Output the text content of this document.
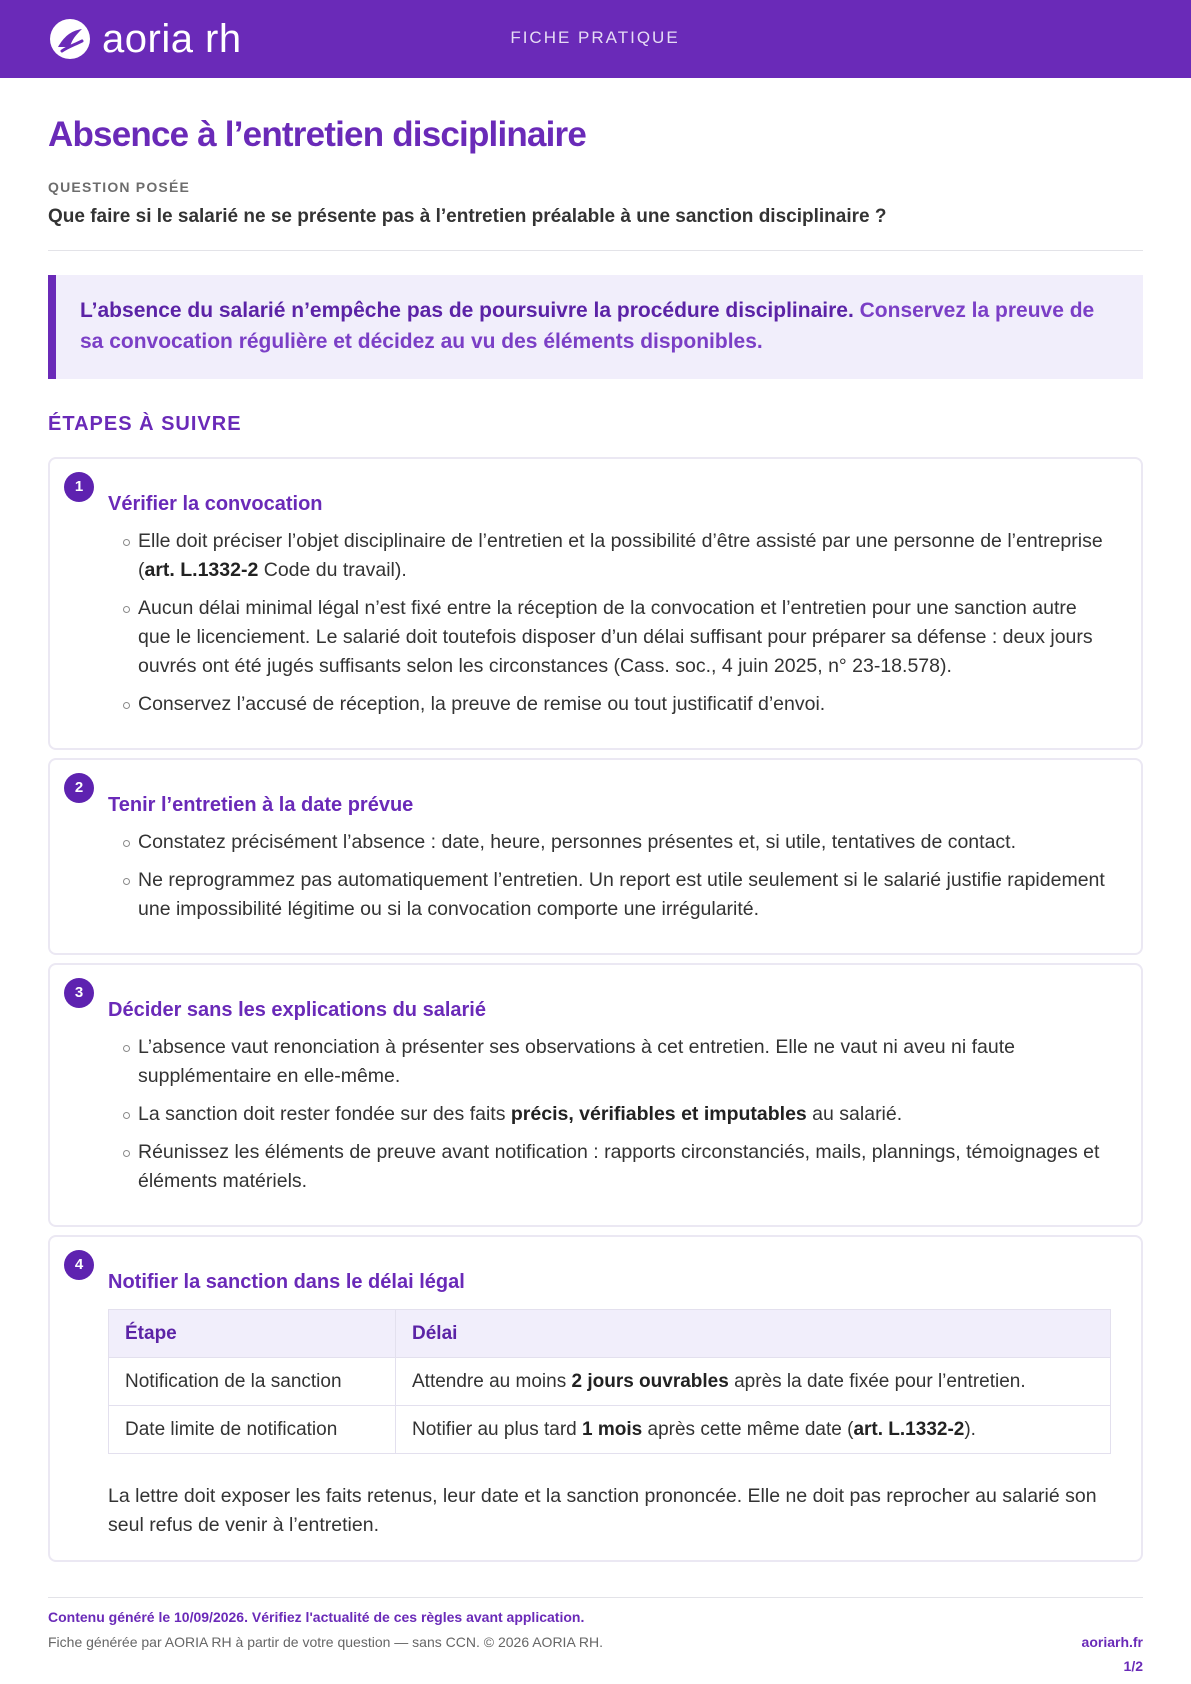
aoria rh	FICHE PRATIQUE
Absence à l’entretien disciplinaire
QUESTION POSÉE
Que faire si le salarié ne se présente pas à l’entretien préalable à une sanction disciplinaire ?
L’absence du salarié n’empêche pas de poursuivre la procédure disciplinaire. Conservez la preuve de sa convocation régulière et décidez au vu des éléments disponibles.
ÉTAPES À SUIVRE
1
Vérifier la convocation
Elle doit préciser l’objet disciplinaire de l’entretien et la possibilité d’être assisté par une personne de l’entreprise (art. L.1332-2 Code du travail).
Aucun délai minimal légal n’est fixé entre la réception de la convocation et l’entretien pour une sanction autre que le licenciement. Le salarié doit toutefois disposer d’un délai suffisant pour préparer sa défense : deux jours ouvrés ont été jugés suffisants selon les circonstances (Cass. soc., 4 juin 2025, n° 23-18.578).
Conservez l’accusé de réception, la preuve de remise ou tout justificatif d’envoi.
2
Tenir l’entretien à la date prévue
Constatez précisément l’absence : date, heure, personnes présentes et, si utile, tentatives de contact.
Ne reprogrammez pas automatiquement l’entretien. Un report est utile seulement si le salarié justifie rapidement une impossibilité légitime ou si la convocation comporte une irrégularité.
3
Décider sans les explications du salarié
L’absence vaut renonciation à présenter ses observations à cet entretien. Elle ne vaut ni aveu ni faute supplémentaire en elle-même.
La sanction doit rester fondée sur des faits précis, vérifiables et imputables au salarié.
Réunissez les éléments de preuve avant notification : rapports circonstanciés, mails, plannings, témoignages et éléments matériels.
4
Notifier la sanction dans le délai légal
Étape	Délai
Notification de la sanction	Attendre au moins 2 jours ouvrables après la date fixée pour l’entretien.
Date limite de notification	Notifier au plus tard 1 mois après cette même date (art. L.1332-2).

La lettre doit exposer les faits retenus, leur date et la sanction prononcée. Elle ne doit pas reprocher au salarié son seul refus de venir à l’entretien.

Contenu généré le 10/09/2026. Vérifiez l'actualité de ces règles avant application.
Fiche générée par AORIA RH à partir de votre question — sans CCN. © 2026 AORIA RH.	aoriarh.fr
1/2
